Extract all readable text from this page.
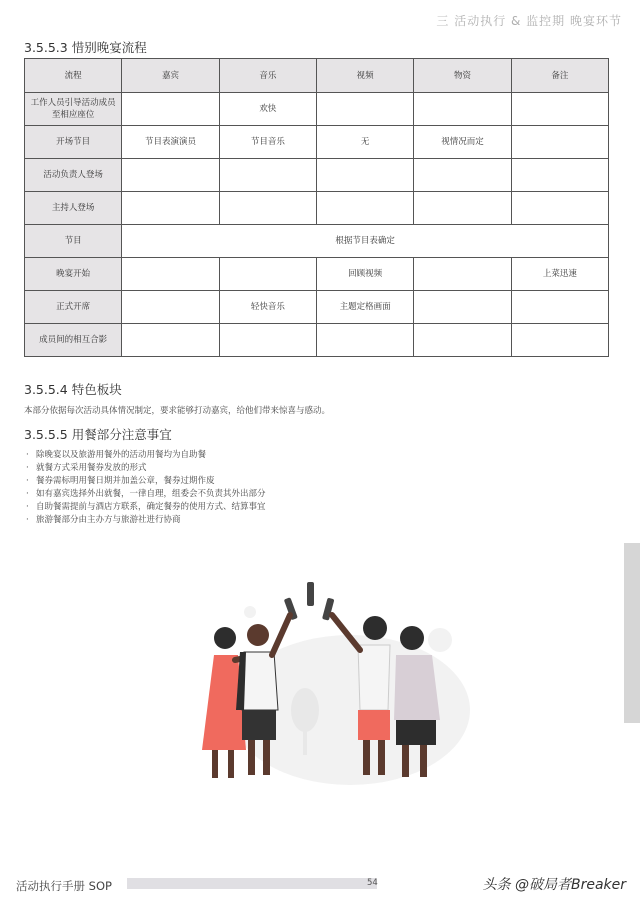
三 活动执行 & 监控期 晚宴环节
3.5.5.3 惜别晚宴流程
流程	嘉宾	音乐	视频	物资	备注
工作人员引导活动成员至相应座位		欢快			
开场节目	节目表演演员	节目音乐	无	视情况而定	
活动负责人登场					
主持人登场					
节目	根据节目表确定				
晚宴开始			回顾视频		上菜迅速
正式开席		轻快音乐	主题定格画面		
成员间的相互合影					
3.5.5.4 特色板块
本部分依据每次活动具体情况制定，要求能够打动嘉宾，给他们带来惊喜与感动。
3.5.5.5 用餐部分注意事宜
· 除晚宴以及旅游用餐外的活动用餐均为自助餐
· 就餐方式采用餐券发放的形式
· 餐券需标明用餐日期并加盖公章，餐券过期作废
· 如有嘉宾选择外出就餐，一律自理，组委会不负责其外出部分
· 自助餐需提前与酒店方联系，确定餐券的使用方式、结算事宜
· 旅游餐部分由主办方与旅游社进行协商
活动执行手册 SOP	54	头条 @破局者Breaker
